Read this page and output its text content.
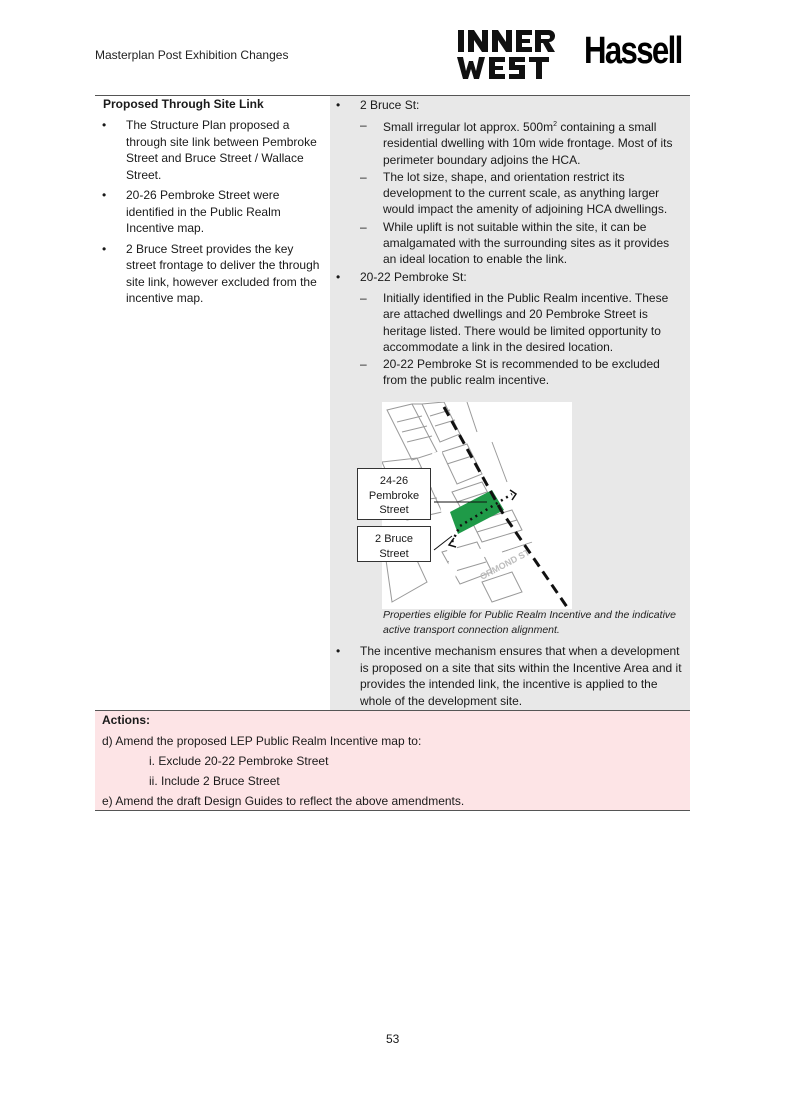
Masterplan Post Exhibition Changes	Hassell
Proposed Through Site Link
• The Structure Plan proposed a through site link between Pembroke Street and Bruce Street / Wallace Street.
• 20-26 Pembroke Street were identified in the Public Realm Incentive map.
• 2 Bruce Street provides the key street frontage to deliver the through site link, however excluded from the incentive map.
• 2 Bruce St:
– Small irregular lot approx. $500m^2$ containing a small residential dwelling with 10m wide frontage. Most of its perimeter boundary adjoins the HCA.
– The lot size, shape, and orientation restrict its development to the current scale, as anything larger would impact the amenity of adjoining HCA dwellings.
– While uplift is not suitable within the site, it can be amalgamated with the surrounding sites as it provides an ideal location to enable the link.
• 20-22 Pembroke St:
– Initially identified in the Public Realm incentive. These are attached dwellings and 20 Pembroke Street is heritage listed. There would be limited opportunity to accommodate a link in the desired location.
– 20-22 Pembroke St is recommended to be excluded from the public realm incentive.
ORMOND ST
24-26
Pembroke
Street
2 Bruce
Street
Properties eligible for Public Realm Incentive and the indicative active transport connection alignment.
• The incentive mechanism ensures that when a development is proposed on a site that sits within the Incentive Area and it provides the intended link, the incentive is applied to the whole of the development site.
Actions:
d) Amend the proposed LEP Public Realm Incentive map to:
i. Exclude 20-22 Pembroke Street
ii. Include 2 Bruce Street
e) Amend the draft Design Guides to reflect the above amendments.
53
